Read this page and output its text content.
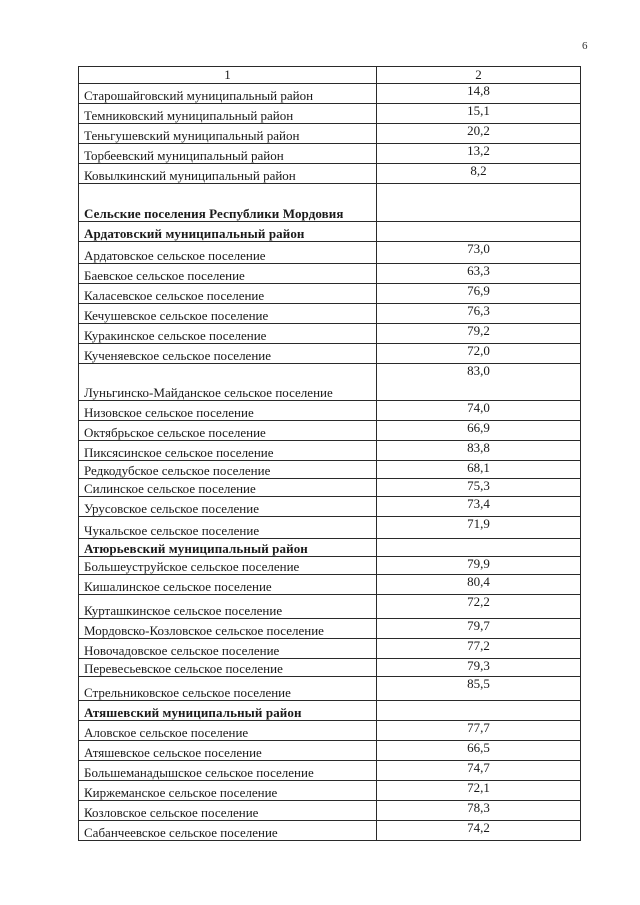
6
1	2
Старошайговский муниципальный район	14,8
Темниковский муниципальный район	15,1
Теньгушевский муниципальный район	20,2
Торбеевский муниципальный район	13,2
Ковылкинский муниципальный район	8,2
Сельские поселения Республики Мордовия	
Ардатовский муниципальный район	
Ардатовское сельское поселение	73,0
Баевское сельское поселение	63,3
Каласевское сельское поселение	76,9
Кечушевское сельское поселение	76,3
Куракинское сельское поселение	79,2
Кученяевское сельское поселение	72,0
Луньгинско-Майданское сельское поселение	83,0
Низовское сельское поселение	74,0
Октябрьское сельское поселение	66,9
Пиксясинское сельское поселение	83,8
Редкодубское сельское поселение	68,1
Силинское сельское поселение	75,3
Урусовское сельское поселение	73,4
Чукальское сельское поселение	71,9
Атюрьевский муниципальный район	
Большеуструйское сельское поселение	79,9
Кишалинское сельское поселение	80,4
Курташкинское сельское поселение	72,2
Мордовско-Козловское сельское поселение	79,7
Новочадовское сельское поселение	77,2
Перевесьевское сельское поселение	79,3
Стрельниковское сельское поселение	85,5
Атяшевский муниципальный район	
Аловское сельское поселение	77,7
Атяшевское сельское поселение	66,5
Большеманадышское сельское поселение	74,7
Киржеманское сельское поселение	72,1
Козловское сельское поселение	78,3
Сабанчеевское сельское поселение	74,2
